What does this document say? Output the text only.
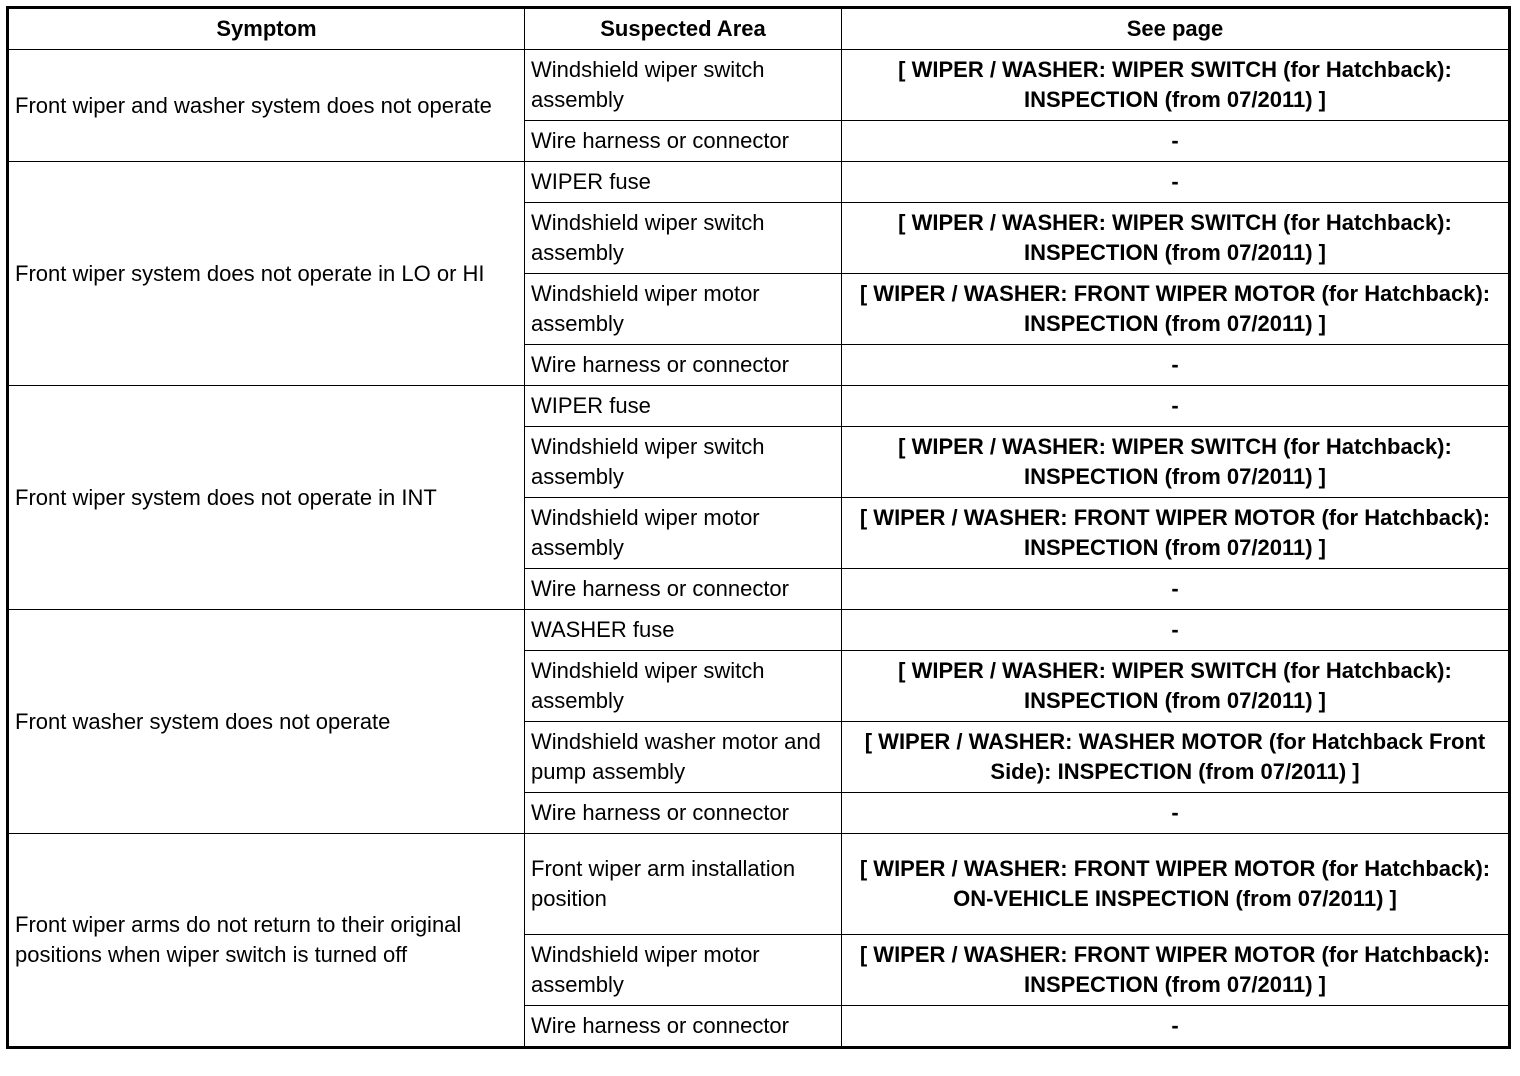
Symptom	Suspected Area	See page
Front wiper and washer system does not operate	Windshield wiper switch assembly	[ WIPER / WASHER: WIPER SWITCH (for Hatchback): INSPECTION (from 07/2011) ]
	Wire harness or connector	-
Front wiper system does not operate in LO or HI	WIPER fuse	-
	Windshield wiper switch assembly	[ WIPER / WASHER: WIPER SWITCH (for Hatchback): INSPECTION (from 07/2011) ]
	Windshield wiper motor assembly	[ WIPER / WASHER: FRONT WIPER MOTOR (for Hatchback): INSPECTION (from 07/2011) ]
	Wire harness or connector	-
Front wiper system does not operate in INT	WIPER fuse	-
	Windshield wiper switch assembly	[ WIPER / WASHER: WIPER SWITCH (for Hatchback): INSPECTION (from 07/2011) ]
	Windshield wiper motor assembly	[ WIPER / WASHER: FRONT WIPER MOTOR (for Hatchback): INSPECTION (from 07/2011) ]
	Wire harness or connector	-
Front washer system does not operate	WASHER fuse	-
	Windshield wiper switch assembly	[ WIPER / WASHER: WIPER SWITCH (for Hatchback): INSPECTION (from 07/2011) ]
	Windshield washer motor and pump assembly	[ WIPER / WASHER: WASHER MOTOR (for Hatchback Front Side): INSPECTION (from 07/2011) ]
	Wire harness or connector	-
Front wiper arms do not return to their original positions when wiper switch is turned off	Front wiper arm installation position	[ WIPER / WASHER: FRONT WIPER MOTOR (for Hatchback): ON-VEHICLE INSPECTION (from 07/2011) ]
	Windshield wiper motor assembly	[ WIPER / WASHER: FRONT WIPER MOTOR (for Hatchback): INSPECTION (from 07/2011) ]
	Wire harness or connector	-
